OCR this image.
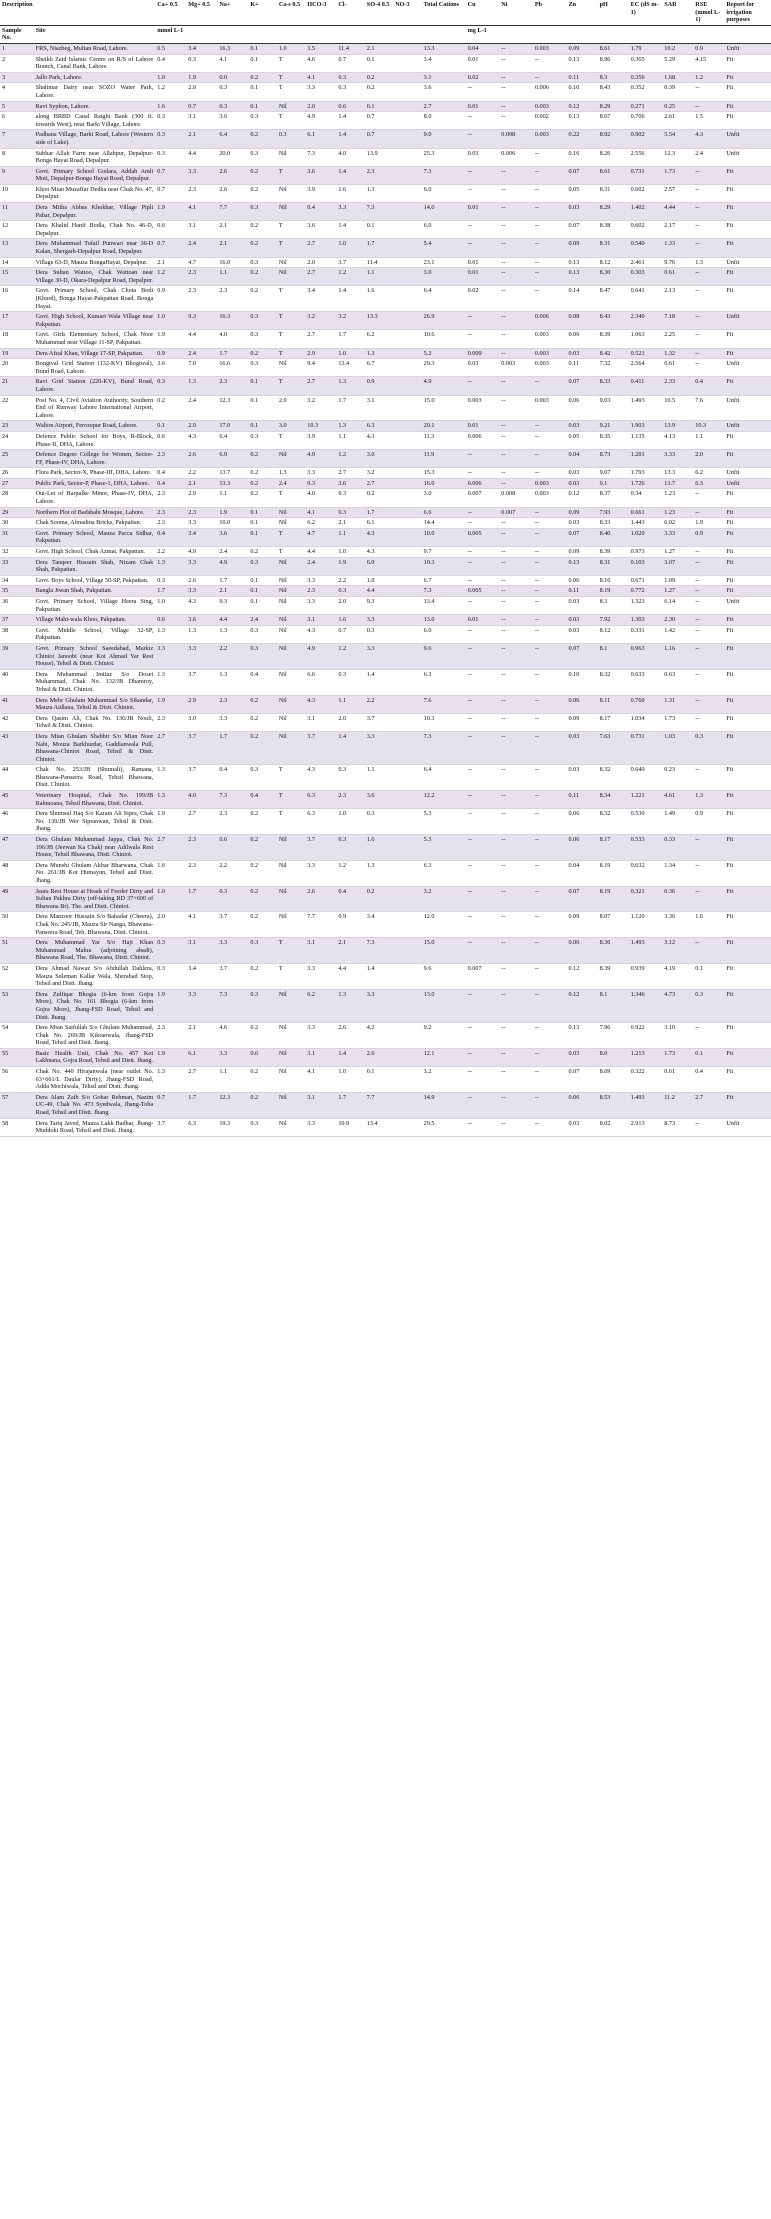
Description		Ca+ 0.5	Mg+ 0.5	Na+	K+	Ca-s 0.5	HCO-3	Cl-	SO-4 0.5	NO-3	Total Cations	Cu	Ni	Pb	Zn	pH	EC (dS m-1)	SAR	RSE (mmol L-1)	Report for irrigation purposes
Sample No.	Site	mmol L-1										mg L-1								
1	FRS, Niazbeg, Multan Road, Lahore.	0.5	3.4	16.3	0.1	1.0	3.5	11.4	2.1		13.3	0.04	--	0.003	0.09	8.61	1.79	10.2	0.9	Unfit
2	Sheikh Zaid Islamic Centre on R/S of Lahore Branch, Canal Bank, Lahore.	0.4	0.3	4.1	0.1	T	4.6	0.7	0.1		3.4	0.01	--	--	0.13	8.96	0.365	5.29	4.15	Fit
3	Jallo Park, Lahore.	1.0	1.9	0.0	0.2	T	4.1	0.3	0.2		3.1	0.02	--	--	0.11	8.3	0.356	1.68	1.2	Fit
4	Shalimar Dairy near SOZO Water Park, Lahore.	1.2	2.0	0.3	0.1	T	3.3	0.3	0.2		3.6	--	--	0.006	0.10	8.43	0.352	0.39	--	Fit
5	Ravi Syphon, Lahore.	1.6	0.7	0.3	0.1	Nil	2.0	0.6	0.1		2.7	0.01	--	0.003	0.12	8.29	0.271	0.25	--	Fit
6	along BRBD Canal Raight Bank (300 ft. towards West), near Barki Village, Lahore.	0.3	3.1	3.6	0.3	T	4.9	1.4	0.7		8.0	--	--	0.002	0.13	8.67	0.706	2.61	1.5	Fit
7	Padhana Village, Barki Road, Lahore (Western side of Lake).	0.3	2.1	6.4	0.2	0.3	6.1	1.4	0.7		9.0	--	0.008	0.003	0.22	8.92	0.902	5.54	4.3	Unfit
8	Subhar Allah Farm near Allahpur, Depalpur-Bonga Hayat Road, Depalpur.	0.3	4.4	20.0	0.3	Nil	7.3	4.0	13.9		25.3	0.03	0.006	--	0.16	8.26	2.556	12.3	2.4	Unfit
9	Govt. Primary School Godara, Addah Amli Moti, Depalpur-Bonga Hayat Road, Depalpur.	0.7	3.3	2.6	0.2	T	3.6	1.4	2.3		7.3	--	--	--	0.07	8.61	0.731	1.73	--	Fit
10	Khoo Mian Muzaffar Dedha near Chak No. 47, Depalpur.	0.7	2.3	2.6	0.2	Nil	3.9	1.6	1.3		6.0	--	--	--	0.05	8.31	0.602	2.57	--	Fit
11	Dera Mitha Abbas Khokhar, Village Pipli Pahar, Depalpur.	1.9	4.1	7.7	0.3	Nil	0.4	3.3	7.3		14.0	0.01	--	--	0.03	8.29	1.402	4.44	--	Fit
12	Dera Khalid Hanif Bodla, Chak No. 46-D, Depalpur.	0.6	3.1	2.1	0.2	T	3.6	1.4	0.1		6.0	--	--	--	0.07	8.38	0.602	2.17	--	Fit
13	Dera Muhammad Tufail Punwari near 36-D Kalan, Shergarh-Depalpur Road, Depalpur.	0.7	2.4	2.1	0.2	T	2.7	1.0	1.7		5.4	--	--	--	0.09	8.31	0.540	1.33	--	Fit
14	Village 63-D, Mauza BongaHayat, Depalpur.	2.1	4.7	16.0	0.3	Nil	2.0	3.7	11.4		23.1	0.01	--	--	0.13	8.12	2.461	9.76	1.3	Unfit
15	Dera Sultan Wattoo, Chak Wattoan near Village 30-D, Okara-Depalpur Road, Depalpur.	1.2	2.3	1.1	0.2	Nil	2.7	1.2	1.1		3.0	0.01	--	--	0.13	8.30	0.303	0.61	--	Fit
16	Govt. Primary School, Chak Chota Bodi (Khurd), Bonga Hayat-Pakpattan Road, Bonga Hayat.	0.9	2.3	2.3	0.2	T	3.4	1.4	1.6		6.4	0.02	--	--	0.14	8.47	0.641	2.13	--	Fit
17	Govt. High School, Kumari Wala Village near Pakpattan.	1.0	9.3	16.3	0.3	T	3.2	3.2	13.3		26.9	--	--	0.006	0.08	8.43	2.340	7.18	--	Unfit
18	Govt. Girls Elementary School, Chak Noor Muhammad near Village 11-SP, Pakpattan.	1.9	4.4	4.0	0.3	T	2.7	1.7	6.2		10.6	--	--	0.003	0.06	8.39	1.063	2.25	--	Fit
19	Dera Afzal Khan, Village 17-SP, Pakpattan.	0.9	2.4	1.7	0.2	T	2.9	1.0	1.3		5.2	0.009	--	0.003	0.03	8.42	0.521	1.32	--	Fit
20	Bongival Grid Station (132-KV) Bhogiwal), Bund Road, Lahore.	3.6	7.0	16.6	0.3	Nil	9.4	13.4	6.7		29.3	0.03	0.003	0.003	0.11	7.32	2.564	6.61	--	Unfit
21	Ravi Grid Station (220-KV), Bund Road, Lahore.	0.3	1.3	2.3	0.1	T	2.7	1.3	0.9		4.9	--	--	--	0.07	8.33	0.411	2.33	0.4	Fit
22	Post No. 4, Civil Aviation Authority, Southern End of Runway Lahore International Airport, Lahore.	0.2	2.4	12.3	0.1	2.0	3.2	1.7	3.1		15.0	0.003	--	0.003	0.06	9.03	1.493	10.5	7.6	Unfit
23	Walton Airport, Ferozepur Road, Lahore.	0.1	2.9	17.0	0.1	3.0	10.3	1.3	6.3		20.1	0.01	--	--	0.03	9.21	1.903	13.9	10.3	Unfit
24	Defence Public School for Boys, R-Block, Phase-II, DHA, Lahore.	0.6	4.3	6.4	0.3	T	3.9	1.1	4.3		11.3	0.006	--	--	0.05	8.35	1.135	4.13	1.1	Fit
25	Defence Degree College for Women, Sector-FF, Phase-IV, DHA, Lahore.	2.3	2.6	6.9	0.2	Nil	4.9	1.2	3.0		11.9	--	--	--	0.04	8.73	1.201	3.33	2.0	Fit
26	Flora Park, Sector-X, Phase-III, DHA, Lahore.	0.4	2.2	13.7	0.2	1.3	3.3	2.7	3.2		15.3	--	--	--	0.03	9.07	1.793	13.3	6.2	Unfit
27	Public Park, Sector-P, Phase-1, DHA, Lahore.	0.4	2.1	13.3	0.2	2.4	9.3	3.6	2.7		16.0	0.006	--	0.003	0.03	9.1	1.726	13.7	6.3	Unfit
28	Out-Let of Harpalke Minor, Phase-IV, DHA, Lahore.	2.3	2.9	1.1	0.2	T	4.0	0.3	0.2		3.0	0.007	0.008	0.003	0.12	8.37	0.34	1.23	--	Fit
29	Northern Plot of Badshahi Mosque, Lahore.	2.3	2.3	1.9	0.1	Nil	4.1	0.3	1.7		6.6	--	0.007	--	0.09	7.93	0.661	1.23	--	Fit
30	Chak Sooma, Almadina Bricks, Pakpattan.	2.3	3.3	10.0	0.1	Nil	6.2	2.1	6.1		14.4	--	--	--	0.03	8.33	1.443	6.02	1.9	Fit
31	Govt. Primary School, Mauza Pacca Sidhar, Pakpattan.	0.4	3.4	3.6	0.1	T	4.7	1.1	4.3		10.0	0.005	--	--	0.07	8.40	1.020	3.33	0.9	Fit
32	Govt. High School, Chak Azmat, Pakpattan.	2.2	4.9	2.4	0.2	T	4.4	1.0	4.3		9.7	--	--	--	0.09	8.39	0.973	1.27	--	Fit
33	Dera Tauqeer Hussain Shah, Nizam Chak Shah, Pakpattan.	1.3	3.3	4.9	0.3	Nil	2.4	1.9	6.0		10.3	--	--	--	0.13	8.31	0.103	3.07	--	Fit
34	Govt. Boys School, Village 50-SP, Pakpattan.	0.3	2.6	1.7	0.1	Nil	3.3	2.2	1.0		6.7	--	--	--	0.06	8.16	0.671	1.09	--	Fit
35	Bangla Jiwan Shah, Pakpattan.	1.7	3.3	2.1	0.1	Nil	2.3	0.3	4.4		7.3	0.005	--	--	0.11	8.19	0.772	1.27	--	Fit
36	Govt. Primary School, Village Heera Sing, Pakpattan.	1.0	4.3	9.3	0.1	Nil	3.3	2.0	9.3		13.4	--	--	--	0.03	8.3	1.323	6.14	--	Unfit
37	Village Mahi-wala Khoo, Pakpattan.	0.6	3.6	4.4	2.4	Nil	3.1	1.6	3.3		13.0	0.01	--	--	0.03	7.92	1.303	2.30	--	Fit
38	Govt. Middle School, Village 32-SP, Pakpattan.	1.3	1.3	1.3	0.3	Nil	4.3	0.7	0.3		6.0	--	--	--	0.03	8.12	0.331	1.42	--	Fit
39	Govt. Primary School Saeedabad, Markiz Chiniot Janoobi (near Kot Ahmad Yar Rest House), Tehsil & Distt. Chiniot.	3.3	3.3	2.2	0.3	Nil	4.9	1.2	3.3		9.6	--	--	--	0.07	8.1	0.963	1.16	--	Fit
40	Dera Muhammad Imtiaz S/o Doset Muhammad, Chak No. 132/JB Dhamroy, Tehsil & Distt. Chiniot.	1.3	3.7	1.3	0.4	Nil	6.6	0.3	1.4		6.3	--	--	--	0.10	8.32	0.633	0.63	--	Fit
41	Dera Mehr Ghulam Muhammad S/o Sikandar, Mauza Aidlana, Tehsil & Distt. Chiniot.	1.9	2.9	2.3	0.2	Nil	4.3	1.1	2.2		7.6	--	--	--	0.06	8.11	0.760	1.31	--	Fit
42	Dera Qasim Ali, Chak No. 136/JB Nouli, Tehsil & Distt. Chiniot.	2.3	3.0	3.3	0.2	Nil	3.1	2.0	3.7		10.3	--	--	--	0.09	8.17	1.034	1.73	--	Fit
43	Dera Mian Ghulam Shabbir S/o Mian Noor Nabi, Mouza Barkhurdar, Gaddianwala Pull, Bhawana-Chiniot Road, Tehsil & Distt. Chiniot.	2.7	3.7	1.7	0.2	Nil	3.7	1.4	3.3		7.3	--	--	--	0.03	7.63	0.731	1.03	0.3	Fit
44	Chak No. 253/JB (Shumali), Ramana, Bhawana-Panseera Road, Tehsil Bhawana, Distt. Chiniot.	1.3	3.7	0.4	0.3	T	4.3	0.3	1.1		6.4	--	--	--	0.03	8.32	0.640	0.23	--	Fit
45	Veterinary Hospital, Chak No. 199/JB Rahmoana, Tehsil Bhawana, Distt. Chiniot.	1.3	4.0	7.3	0.4	T	6.3	2.3	3.6		12.2	--	--	--	0.11	8.34	1.221	4.61	1.3	Fit
46	Dera Shumsul Haq S/o Karam Ali Sipra, Chak No. 139/JB Wer Sipranwan, Tehsil & Distt. Jhang.	1.9	2.7	2.3	0.2	T	6.3	1.0	0.3		5.3	--	--	--	0.06	8.32	0.530	1.49	0.9	Fit
47	Dera Ghulam Muhammad Jappa, Chak No. 196/JB (Jeewan Ka Chak) near Adilwala Rest House, Tehsil Bhawana, Distt. Chiniot.	2.7	2.3	0.6	0.2	Nil	3.7	0.3	1.6		5.3	--	--	--	0.06	8.17	0.533	0.33	--	Fit
48	Dera Munshi Ghulam Akbar Bharwana, Chak No. 261/JB Kot Humayun, Tehsil and Distt. Jhang.	1.6	2.3	2.2	0.2	Nil	3.3	1.2	1.3		6.3	--	--	--	0.04	8.19	0.632	1.34	--	Fit
49	Jaura Rest House at Heads of Feeder Dirty and Sultan Pakhra Dirty (off-taking RD 37+600 of Bhawana Br). The. and Distt. Chiniot.	1.0	1.7	0.3	0.2	Nil	2.6	0.4	0.2		3.2	--	--	--	0.07	8.19	0.321	0.36	--	Fit
50	Dera Manzoor Hussain S/o Bahadar (Cheera), Chak No. 245/JB, Mauza Sir Nanga, Bhawana-Panseera Road, Teh. Bhawana, Distt. Chiniot.	2.0	4.1	3.7	0.2	Nil	7.7	0.9	3.4		12.0	--	--	--	0.09	8.07	1.120	3.36	1.6	Fit
51	Dera Muhammad Yar S/o Haji Khan Muhammad Mahra (adjoining abadi), Bhawana Road, The. Bhawana, Distt. Chiniot.	0.3	3.1	3.3	0.3	T	3.1	2.1	7.3		15.0	--	--	--	0.06	8.36	1.493	3.12	--	Fit
52	Dera Ahmad Nawaz S/o Abdullah Dahlera, Mauza Suleman Kallar Wala, Sherabad Stop, Tehsil and Distt. Jhang.	0.3	3.4	3.7	0.2	T	3.3	4.4	1.4		9.6	0.007	--	--	0.12	8.39	0.939	4.19	0.1	Fit
53	Dera Zulfiqar Bhogia (6-km from Gojra More), Chak No. 161 Bhogia (6-km from Gojra More), Jhang-FSD Road, Tehsil and Distt. Jhang.	1.9	3.3	7.3	0.3	Nil	6.2	1.3	3.3		13.0	--	--	--	0.12	8.1	1.346	4.73	0.3	Fit
54	Dera Mian Saifullah S/o Ghulam Muhammad, Chak No. 269/JB Kikranwala, Jhang-FSD Road, Tehsil and Distt. Jhang.	2.3	2.1	4.6	0.2	Nil	3.3	2.6	4.2		9.2	--	--	--	0.13	7.96	0.922	3.10	--	Fit
55	Basic Health Unit, Chak No. 457 Kot Lakhnana, Gojra Road, Tehsil and Distt. Jhang.	1.9	6.1	3.3	0.6	Nil	3.1	1.4	2.6		12.1	--	--	--	0.03	8.0	1.213	1.73	0.1	Fit
56	Chak No. 440 Hirajanwala (near outlet No. 63+661/L Daular Dirty), Jhang-FSD Road, Adda Mochiwala, Tehsil and Distt. Jhang.	1.3	2.7	1.1	0.2	Nil	4.1	1.0	0.1		3.2	--	--	--	0.07	8.09	0.322	0.61	0.4	Fit
57	Dera Alam Zaib S/o Gohar Rehman, Nazim UC-49, Chak No. 473 Syedwala, Jhang-Toba Road, Tehsil and Distt. Jhang.	0.7	1.7	12.3	0.2	Nil	3.1	1.7	7.7		14.9	--	--	--	0.06	8.53	1.493	11.2	2.7	Fit
58	Dera Tariq Javed, Mauza Lakh Badhar, Jhang-Muddoki Road, Tehsil and Distt. Jhang.	3.7	6.3	19.3	0.3	Nil	3.3	10.9	13.4		29.5	--	--	--	0.03	8.02	2.913	8.73	--	Unfit
